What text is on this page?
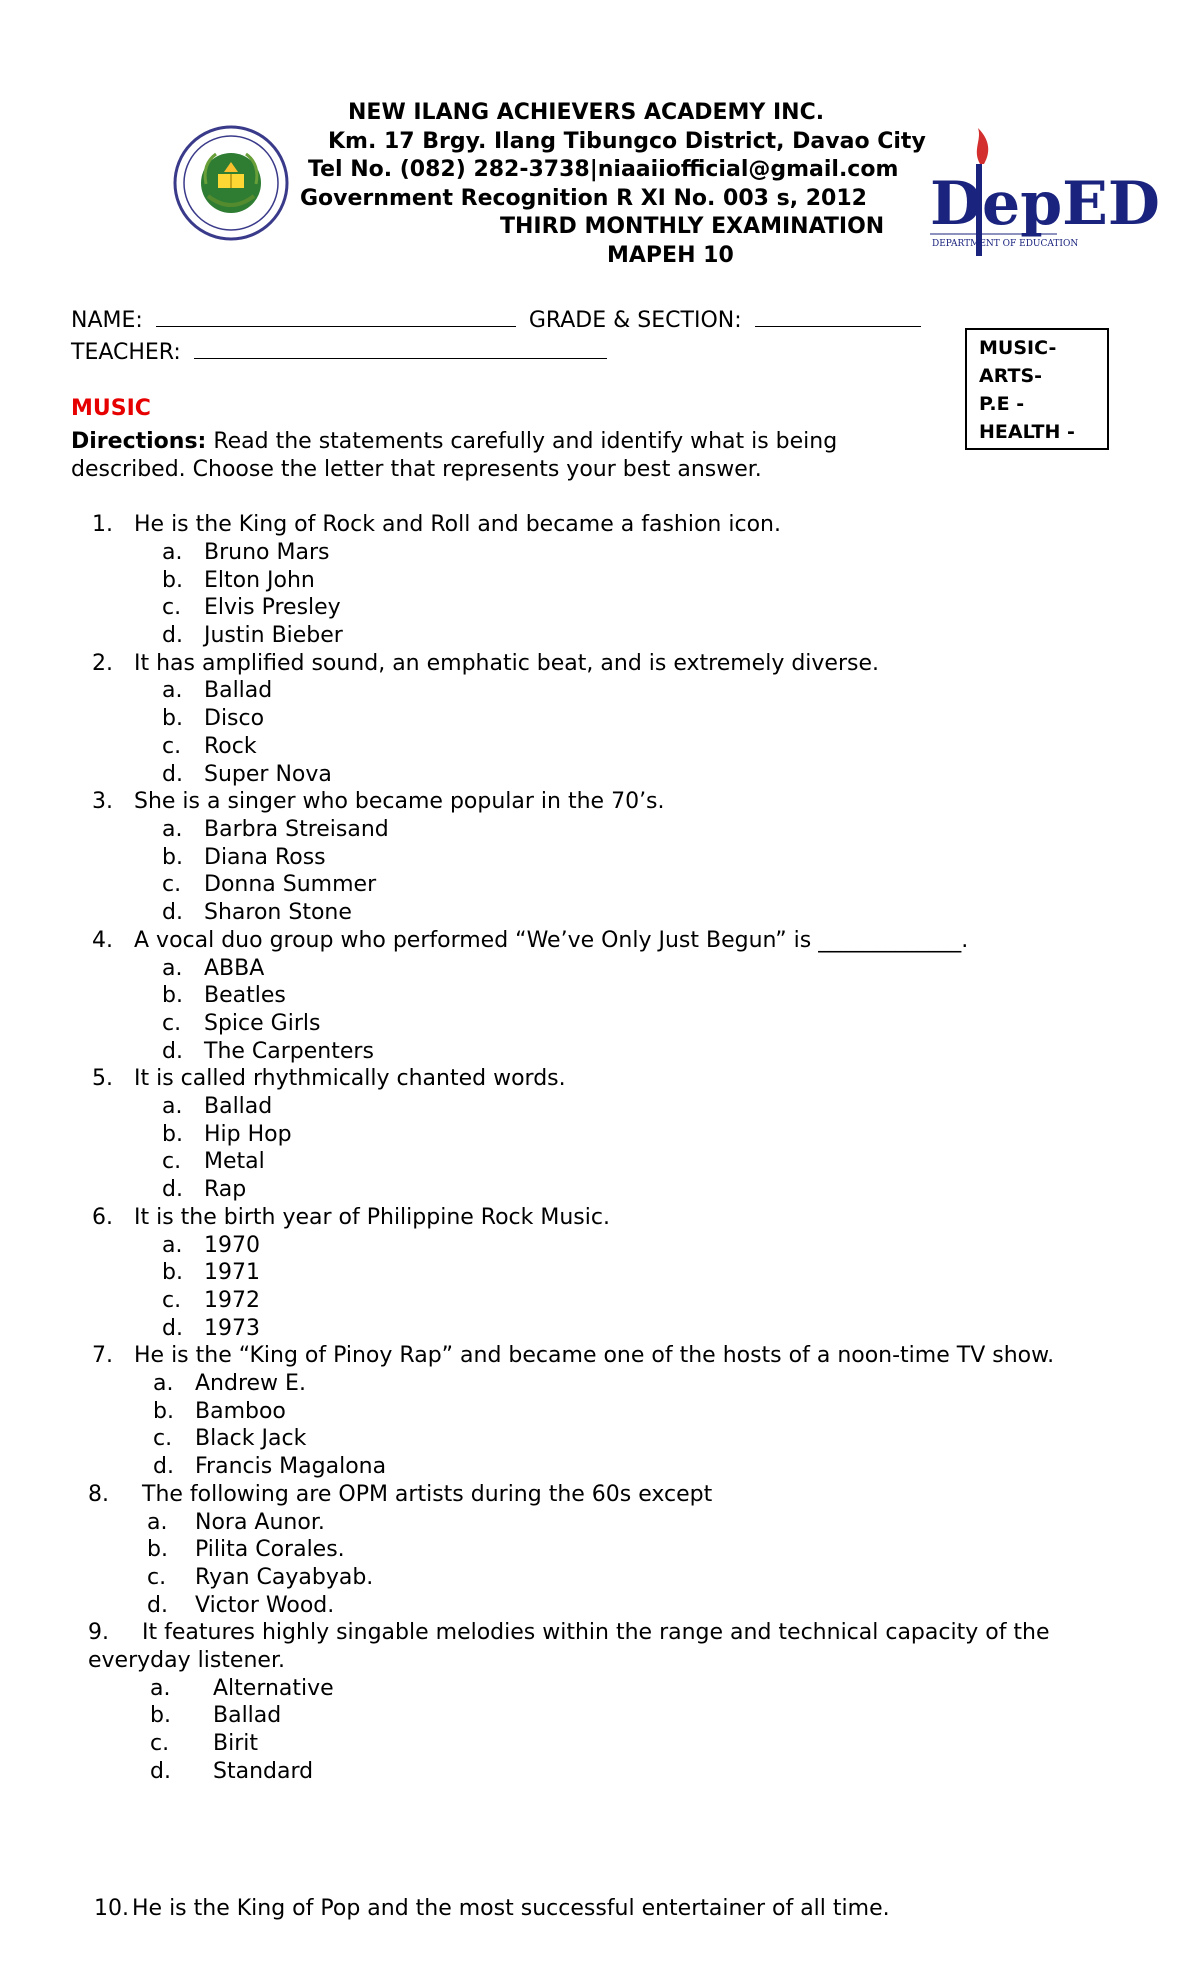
NEW ILANG ACHIEVERS ACADEMY INC.
Km. 17 Brgy. Ilang Tibungco District, Davao City
Tel No. (082) 282-3738|niaaiiofficial@gmail.com
Government Recognition R XI No. 003 s, 2012
THIRD MONTHLY EXAMINATION
MAPEH 10
DepED
DEPARTMENT OF EDUCATION
NAME:	GRADE & SECTION:
TEACHER:	MUSIC-
ARTS-
P.E -
HEALTH -
MUSIC
Directions: Read the statements carefully and identify what is being
described. Choose the letter that represents your best answer.
1. He is the King of Rock and Roll and became a fashion icon.
a. Bruno Mars
b. Elton John
c. Elvis Presley
d. Justin Bieber
2. It has amplified sound, an emphatic beat, and is extremely diverse.
a. Ballad
b. Disco
c. Rock
d. Super Nova
3. She is a singer who became popular in the 70’s.
a. Barbra Streisand
b. Diana Ross
c. Donna Summer
d. Sharon Stone
4. A vocal duo group who performed “We’ve Only Just Begun” is _____________.
a. ABBA
b. Beatles
c. Spice Girls
d. The Carpenters
5. It is called rhythmically chanted words.
a. Ballad
b. Hip Hop
c. Metal
d. Rap
6. It is the birth year of Philippine Rock Music.
a. 1970
b. 1971
c. 1972
d. 1973
7. He is the “King of Pinoy Rap” and became one of the hosts of a noon-time TV show.
a. Andrew E.
b. Bamboo
c. Black Jack
d. Francis Magalona
8. The following are OPM artists during the 60s except
a. Nora Aunor.
b. Pilita Corales.
c. Ryan Cayabyab.
d. Victor Wood.
9. It features highly singable melodies within the range and technical capacity of the
everyday listener.
a. Alternative
b. Ballad
c. Birit
d. Standard
10. He is the King of Pop and the most successful entertainer of all time.
